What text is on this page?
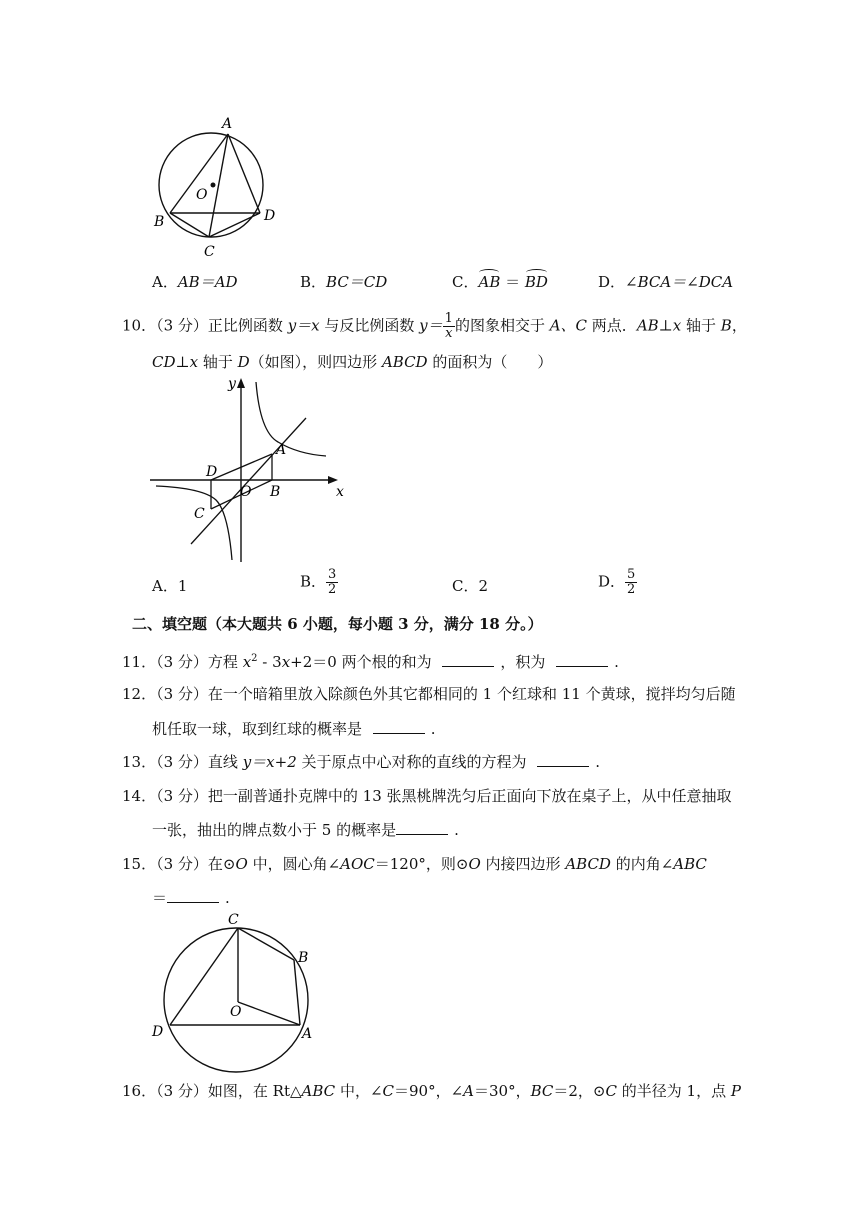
A
O
B	D
C
A．AB＝AD	B．BC＝CD	C．AB ＝ BD	D．∠BCA＝∠DCA
10．（3 分）正比例函数 y＝x 与反比例函数 $y= \frac{1}{x}$ 的图象相交于 A、C 两点．AB⊥x 轴于 B，
CD⊥x 轴于 D（如图），则四边形 ABCD 的面积为（　　）
y
x
A
D
O B
C
A．1	B． $\frac{3}{2}$	C．2	D． $\frac{5}{2}$
二、填空题（本大题共 6 小题，每小题 3 分，满分 18 分。）
11．（3 分）方程 $x^2 - 3x+2=0$ 两个根的和为	，积为	.
12．（3 分）在一个暗箱里放入除颜色外其它都相同的 1 个红球和 11 个黄球，搅拌均匀后随
机任取一球，取到红球的概率是	.
13．（3 分）直线 y＝x+2 关于原点中心对称的直线的方程为	.
14．（3 分）把一副普通扑克牌中的 13 张黑桃牌洗匀后正面向下放在桌子上，从中任意抽取
一张，抽出的牌点数小于 5 的概率是	.
15．（3 分）在⊙O 中，圆心角∠AOC＝120°，则⊙O 内接四边形 ABCD 的内角∠ABC
＝	.
C
B
O
D	A
16．（3 分）如图，在 Rt△ABC 中，∠C＝90°，∠A＝30°，BC＝2，⊙C 的半径为 1，点 P
